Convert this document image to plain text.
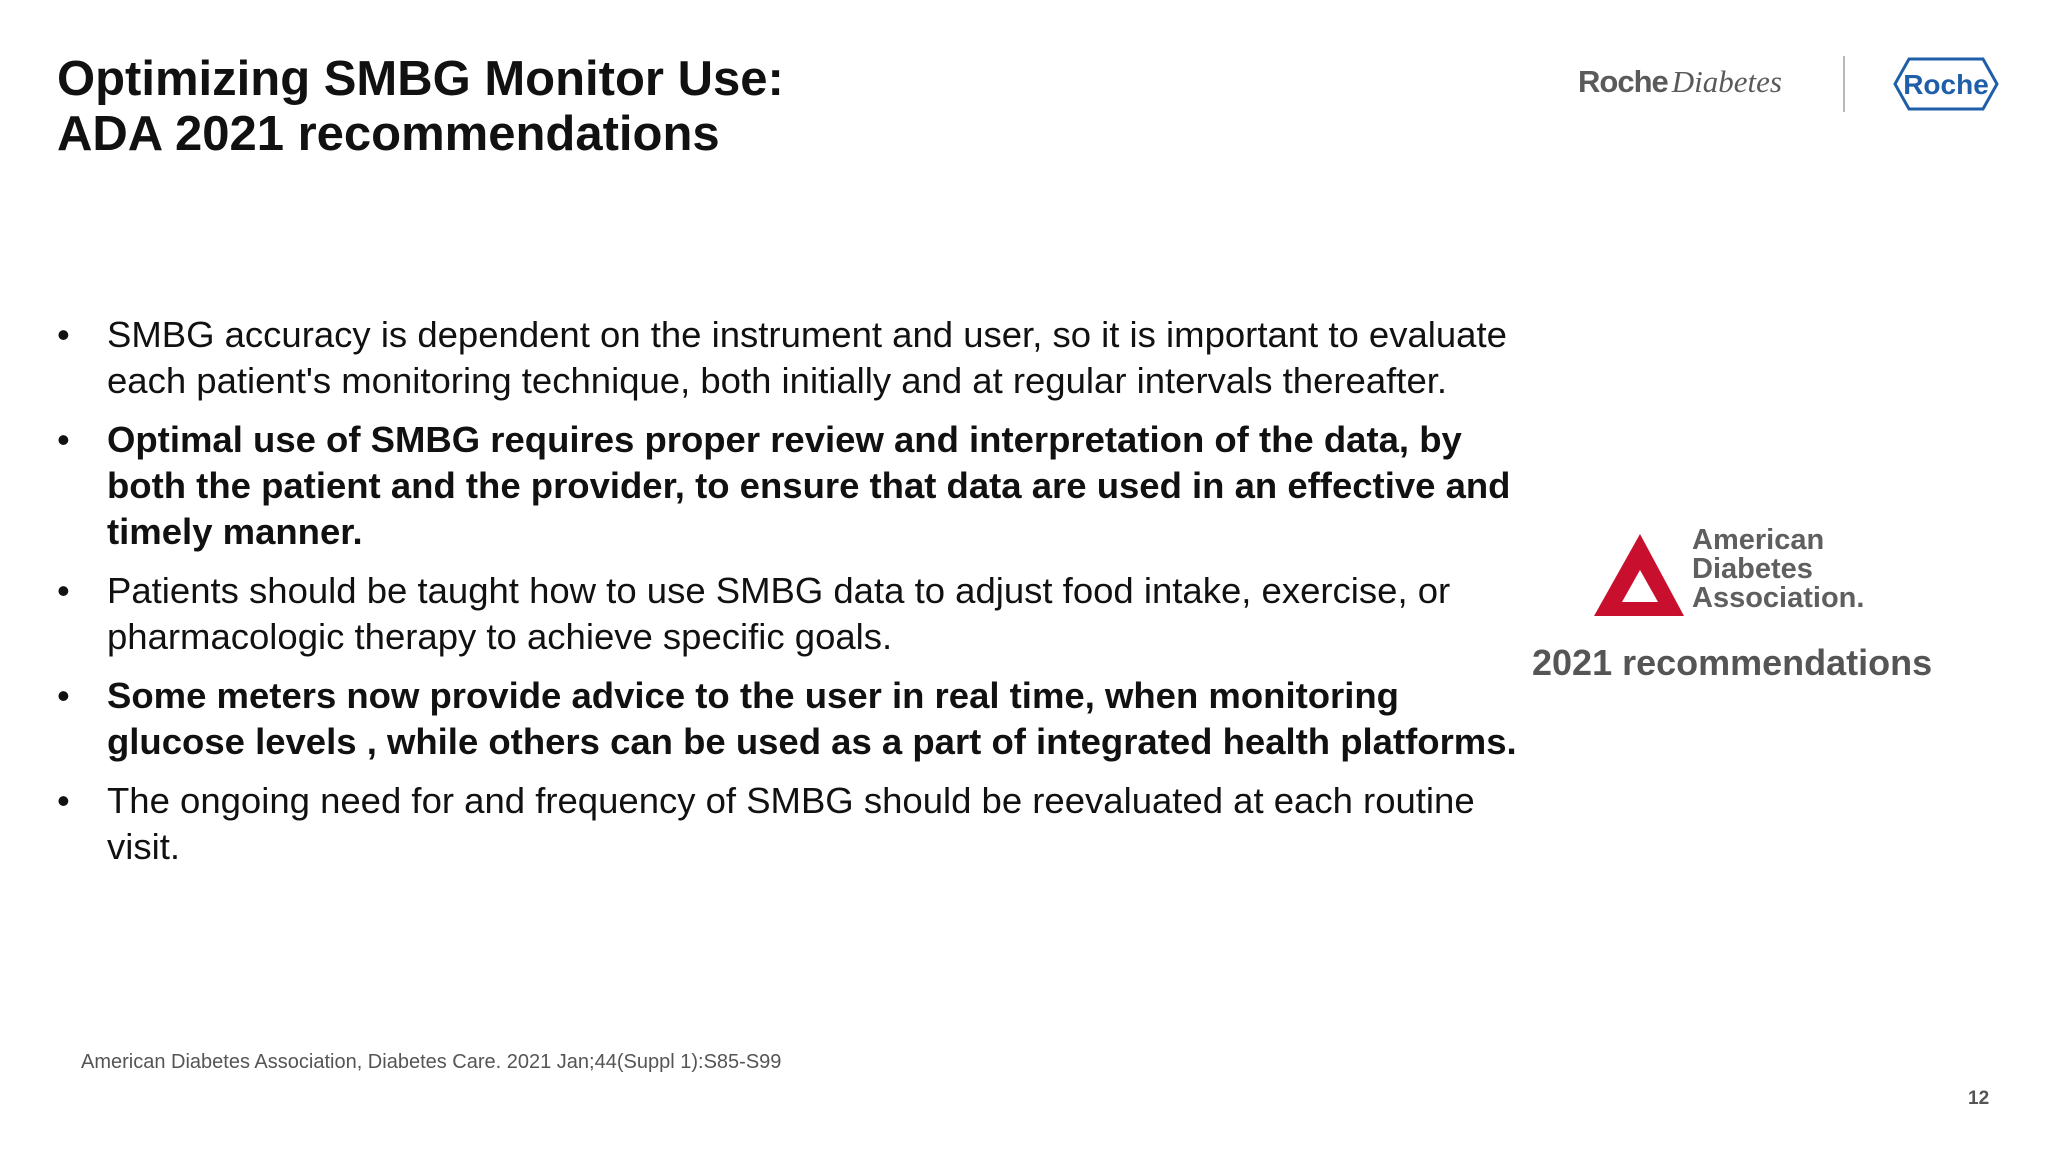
Optimizing SMBG Monitor Use:
ADA 2021 recommendations
Roche Diabetes	Roche
• SMBG accuracy is dependent on the instrument and user, so it is important to evaluate each patient's monitoring technique, both initially and at regular intervals thereafter.
• Optimal use of SMBG requires proper review and interpretation of the data, by both the patient and the provider, to ensure that data are used in an effective and timely manner.
• Patients should be taught how to use SMBG data to adjust food intake, exercise, or pharmacologic therapy to achieve specific goals.
• Some meters now provide advice to the user in real time, when monitoring glucose levels , while others can be used as a part of integrated health platforms.
• The ongoing need for and frequency of SMBG should be reevaluated at each routine visit.
American
Diabetes
Association.
2021 recommendations
American Diabetes Association, Diabetes Care. 2021 Jan;44(Suppl 1):S85-S99
12
